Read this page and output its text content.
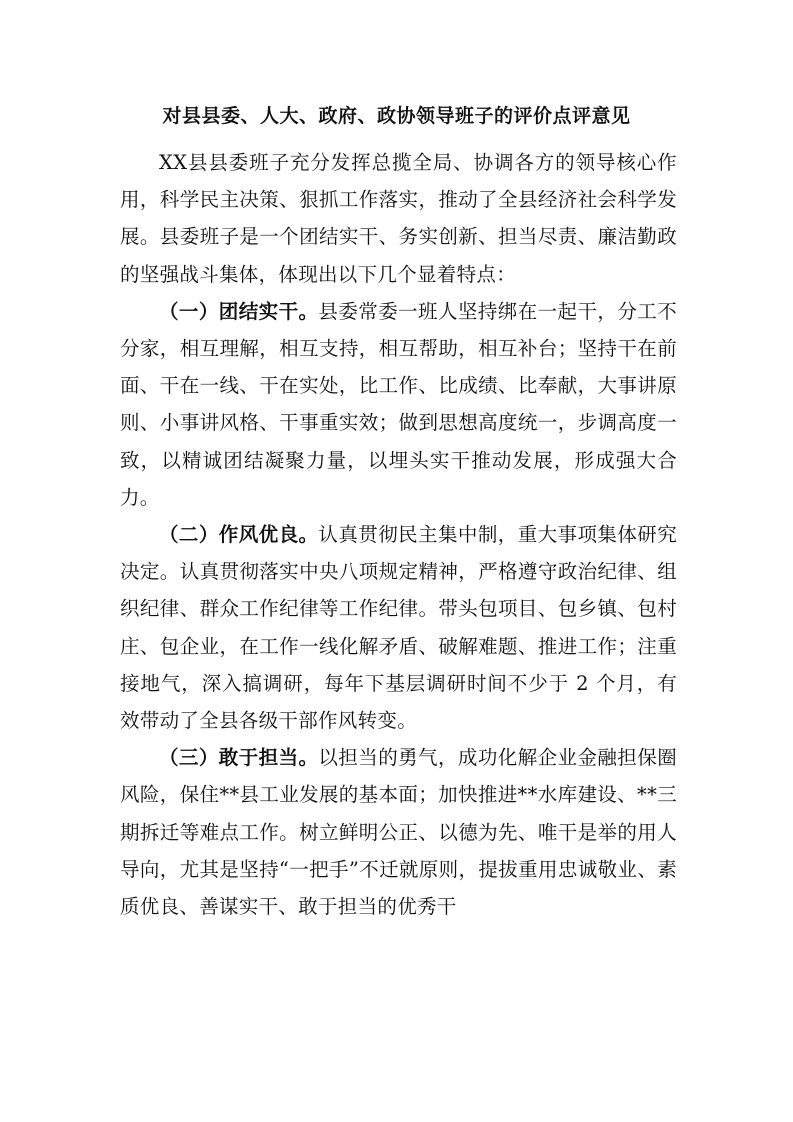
对县县委、人大、政府、政协领导班子的评价点评意见

XX县县委班子充分发挥总揽全局、协调各方的领导核心作用，科学民主决策、狠抓工作落实，推动了全县经济社会科学发展。县委班子是一个团结实干、务实创新、担当尽责、廉洁勤政的坚强战斗集体，体现出以下几个显着特点：

（一）团结实干。县委常委一班人坚持绑在一起干，分工不分家，相互理解，相互支持，相互帮助，相互补台；坚持干在前面、干在一线、干在实处，比工作、比成绩、比奉献，大事讲原则、小事讲风格、干事重实效；做到思想高度统一，步调高度一致，以精诚团结凝聚力量，以埋头实干推动发展，形成强大合力。

（二）作风优良。认真贯彻民主集中制，重大事项集体研究决定。认真贯彻落实中央八项规定精神，严格遵守政治纪律、组织纪律、群众工作纪律等工作纪律。带头包项目、包乡镇、包村庄、包企业，在工作一线化解矛盾、破解难题、推进工作；注重接地气，深入搞调研，每年下基层调研时间不少于 2 个月，有效带动了全县各级干部作风转变。

（三）敢于担当。以担当的勇气，成功化解企业金融担保圈风险，保住**县工业发展的基本面；加快推进**水库建设、**三期拆迁等难点工作。树立鲜明公正、以德为先、唯干是举的用人导向，尤其是坚持“一把手”不迁就原则，提拔重用忠诚敬业、素质优良、善谋实干、敢于担当的优秀干
